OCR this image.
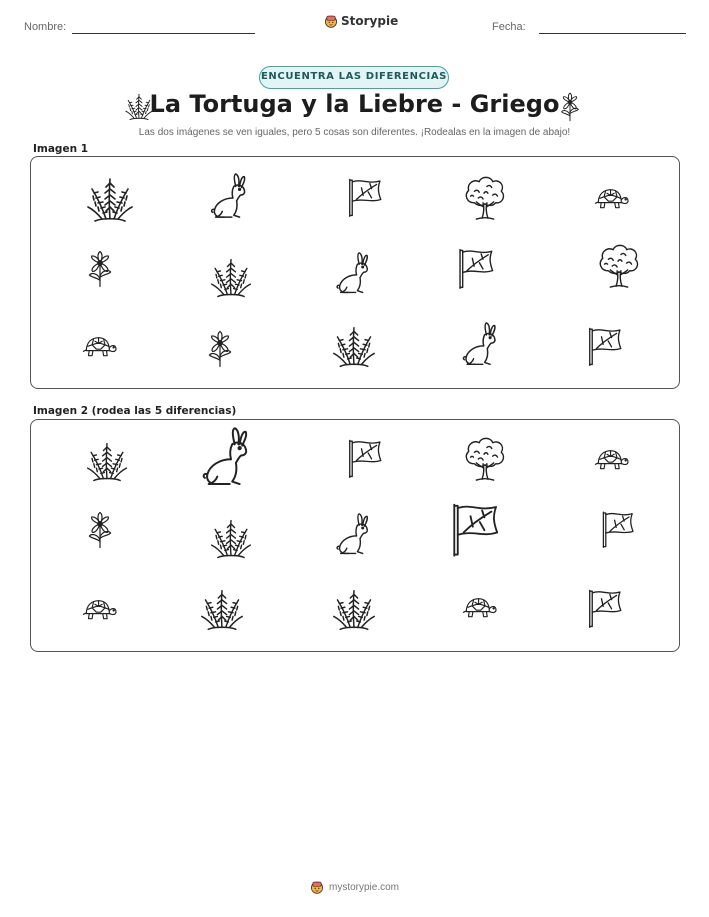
Nombre:	Storypie	Fecha:
ENCUENTRA LAS DIFERENCIAS
La Tortuga y la Liebre - Griego
Las dos imágenes se ven iguales, pero 5 cosas son diferentes. ¡Rodealas en la imagen de abajo!
Imagen 1
Imagen 2 (rodea las 5 diferencias)
mystorypie.com
